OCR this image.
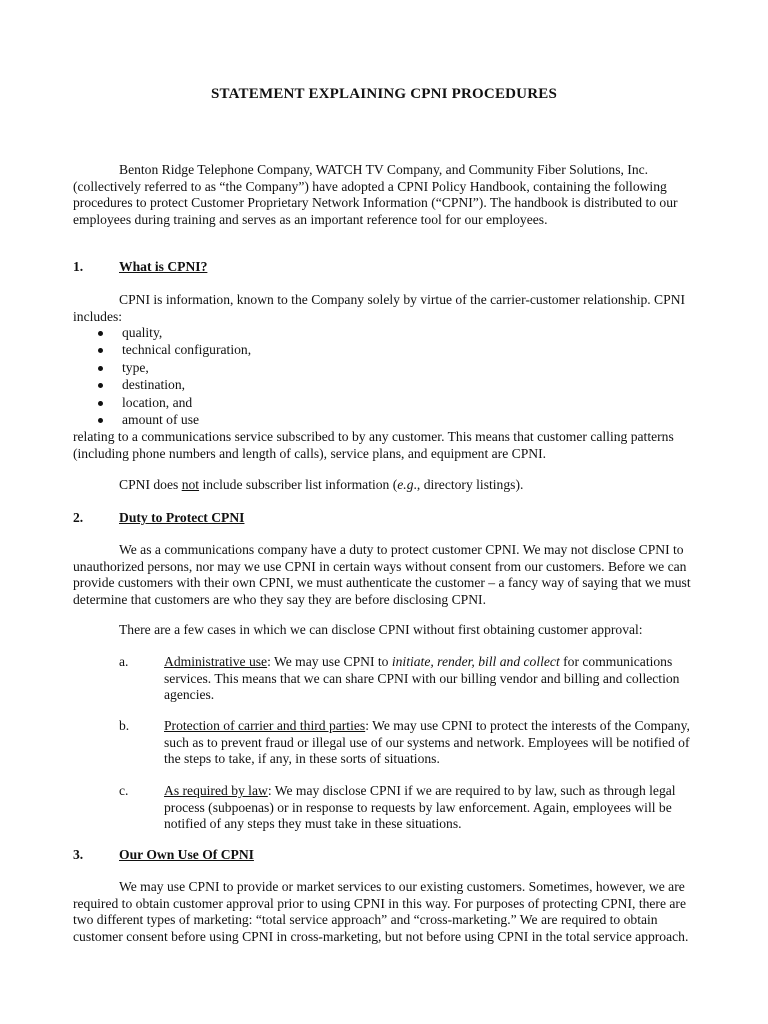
STATEMENT EXPLAINING CPNI PROCEDURES

Benton Ridge Telephone Company, WATCH TV Company, and Community Fiber Solutions, Inc. (collectively referred to as “the Company”) have adopted a CPNI Policy Handbook, containing the following procedures to protect Customer Proprietary Network Information (“CPNI”). The handbook is distributed to our employees during training and serves as an important reference tool for our employees.

1.	What is CPNI?

CPNI is information, known to the Company solely by virtue of the carrier-customer relationship. CPNI includes:

quality,
technical configuration,
type,
destination,
location, and
amount of use

relating to a communications service subscribed to by any customer. This means that customer calling patterns (including phone numbers and length of calls), service plans, and equipment are CPNI.

CPNI does not include subscriber list information (e.g., directory listings).

2.	Duty to Protect CPNI

We as a communications company have a duty to protect customer CPNI. We may not disclose CPNI to unauthorized persons, nor may we use CPNI in certain ways without consent from our customers. Before we can provide customers with their own CPNI, we must authenticate the customer – a fancy way of saying that we must determine that customers are who they say they are before disclosing CPNI.

There are a few cases in which we can disclose CPNI without first obtaining customer approval:

a.	Administrative use: We may use CPNI to initiate, render, bill and collect for communications services. This means that we can share CPNI with our billing vendor and billing and collection agencies.
b.	Protection of carrier and third parties: We may use CPNI to protect the interests of the Company, such as to prevent fraud or illegal use of our systems and network. Employees will be notified of the steps to take, if any, in these sorts of situations.
c.	As required by law: We may disclose CPNI if we are required to by law, such as through legal process (subpoenas) or in response to requests by law enforcement. Again, employees will be notified of any steps they must take in these situations.
3.	Our Own Use Of CPNI

We may use CPNI to provide or market services to our existing customers. Sometimes, however, we are required to obtain customer approval prior to using CPNI in this way. For purposes of protecting CPNI, there are two different types of marketing: “total service approach” and “cross-marketing.” We are required to obtain customer consent before using CPNI in cross-marketing, but not before using CPNI in the total service approach.
